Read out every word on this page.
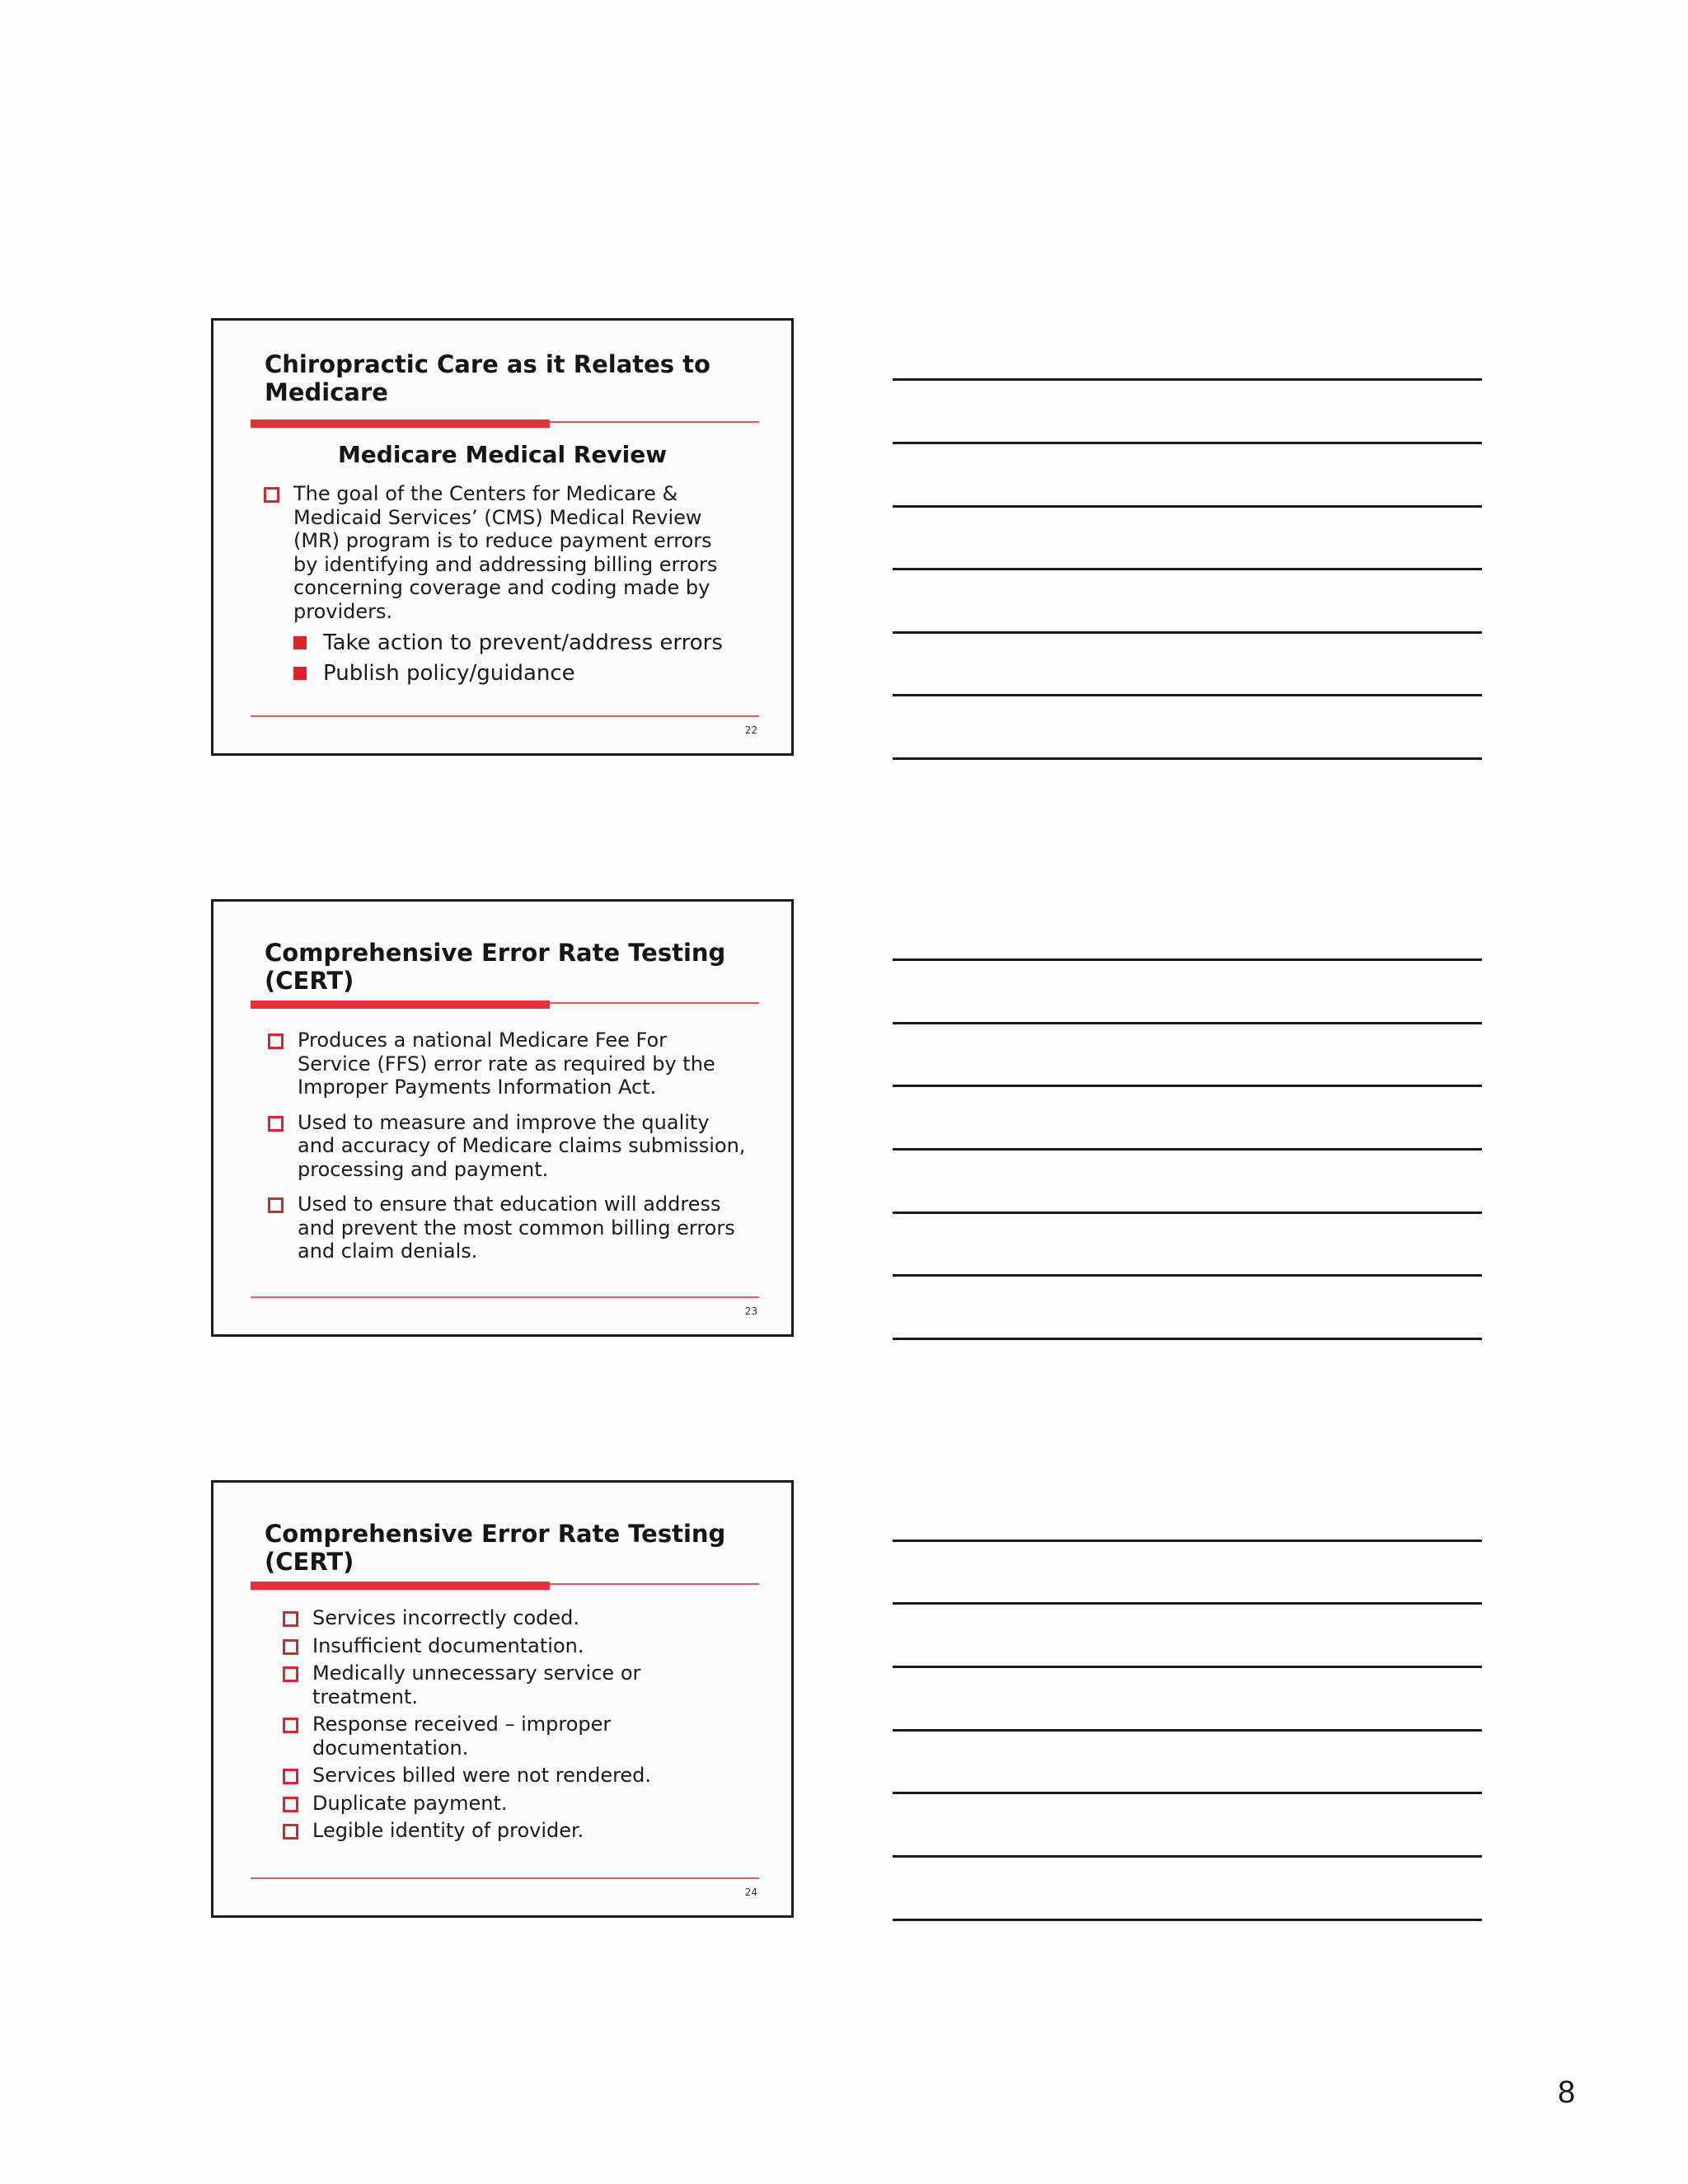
Chiropractic Care as it Relates to Medicare
Medicare Medical Review
The goal of the Centers for Medicare & Medicaid Services’ (CMS) Medical Review (MR) program is to reduce payment errors by identifying and addressing billing errors concerning coverage and coding made by providers.
Take action to prevent/address errors
Publish policy/guidance
22
Comprehensive Error Rate Testing (CERT)
Produces a national Medicare Fee For Service (FFS) error rate as required by the Improper Payments Information Act.
Used to measure and improve the quality and accuracy of Medicare claims submission, processing and payment.
Used to ensure that education will address and prevent the most common billing errors and claim denials.
23
Comprehensive Error Rate Testing (CERT)
Services incorrectly coded.
Insufficient documentation.
Medically unnecessary service or treatment.
Response received – improper documentation.
Services billed were not rendered.
Duplicate payment.
Legible identity of provider.
24
8
